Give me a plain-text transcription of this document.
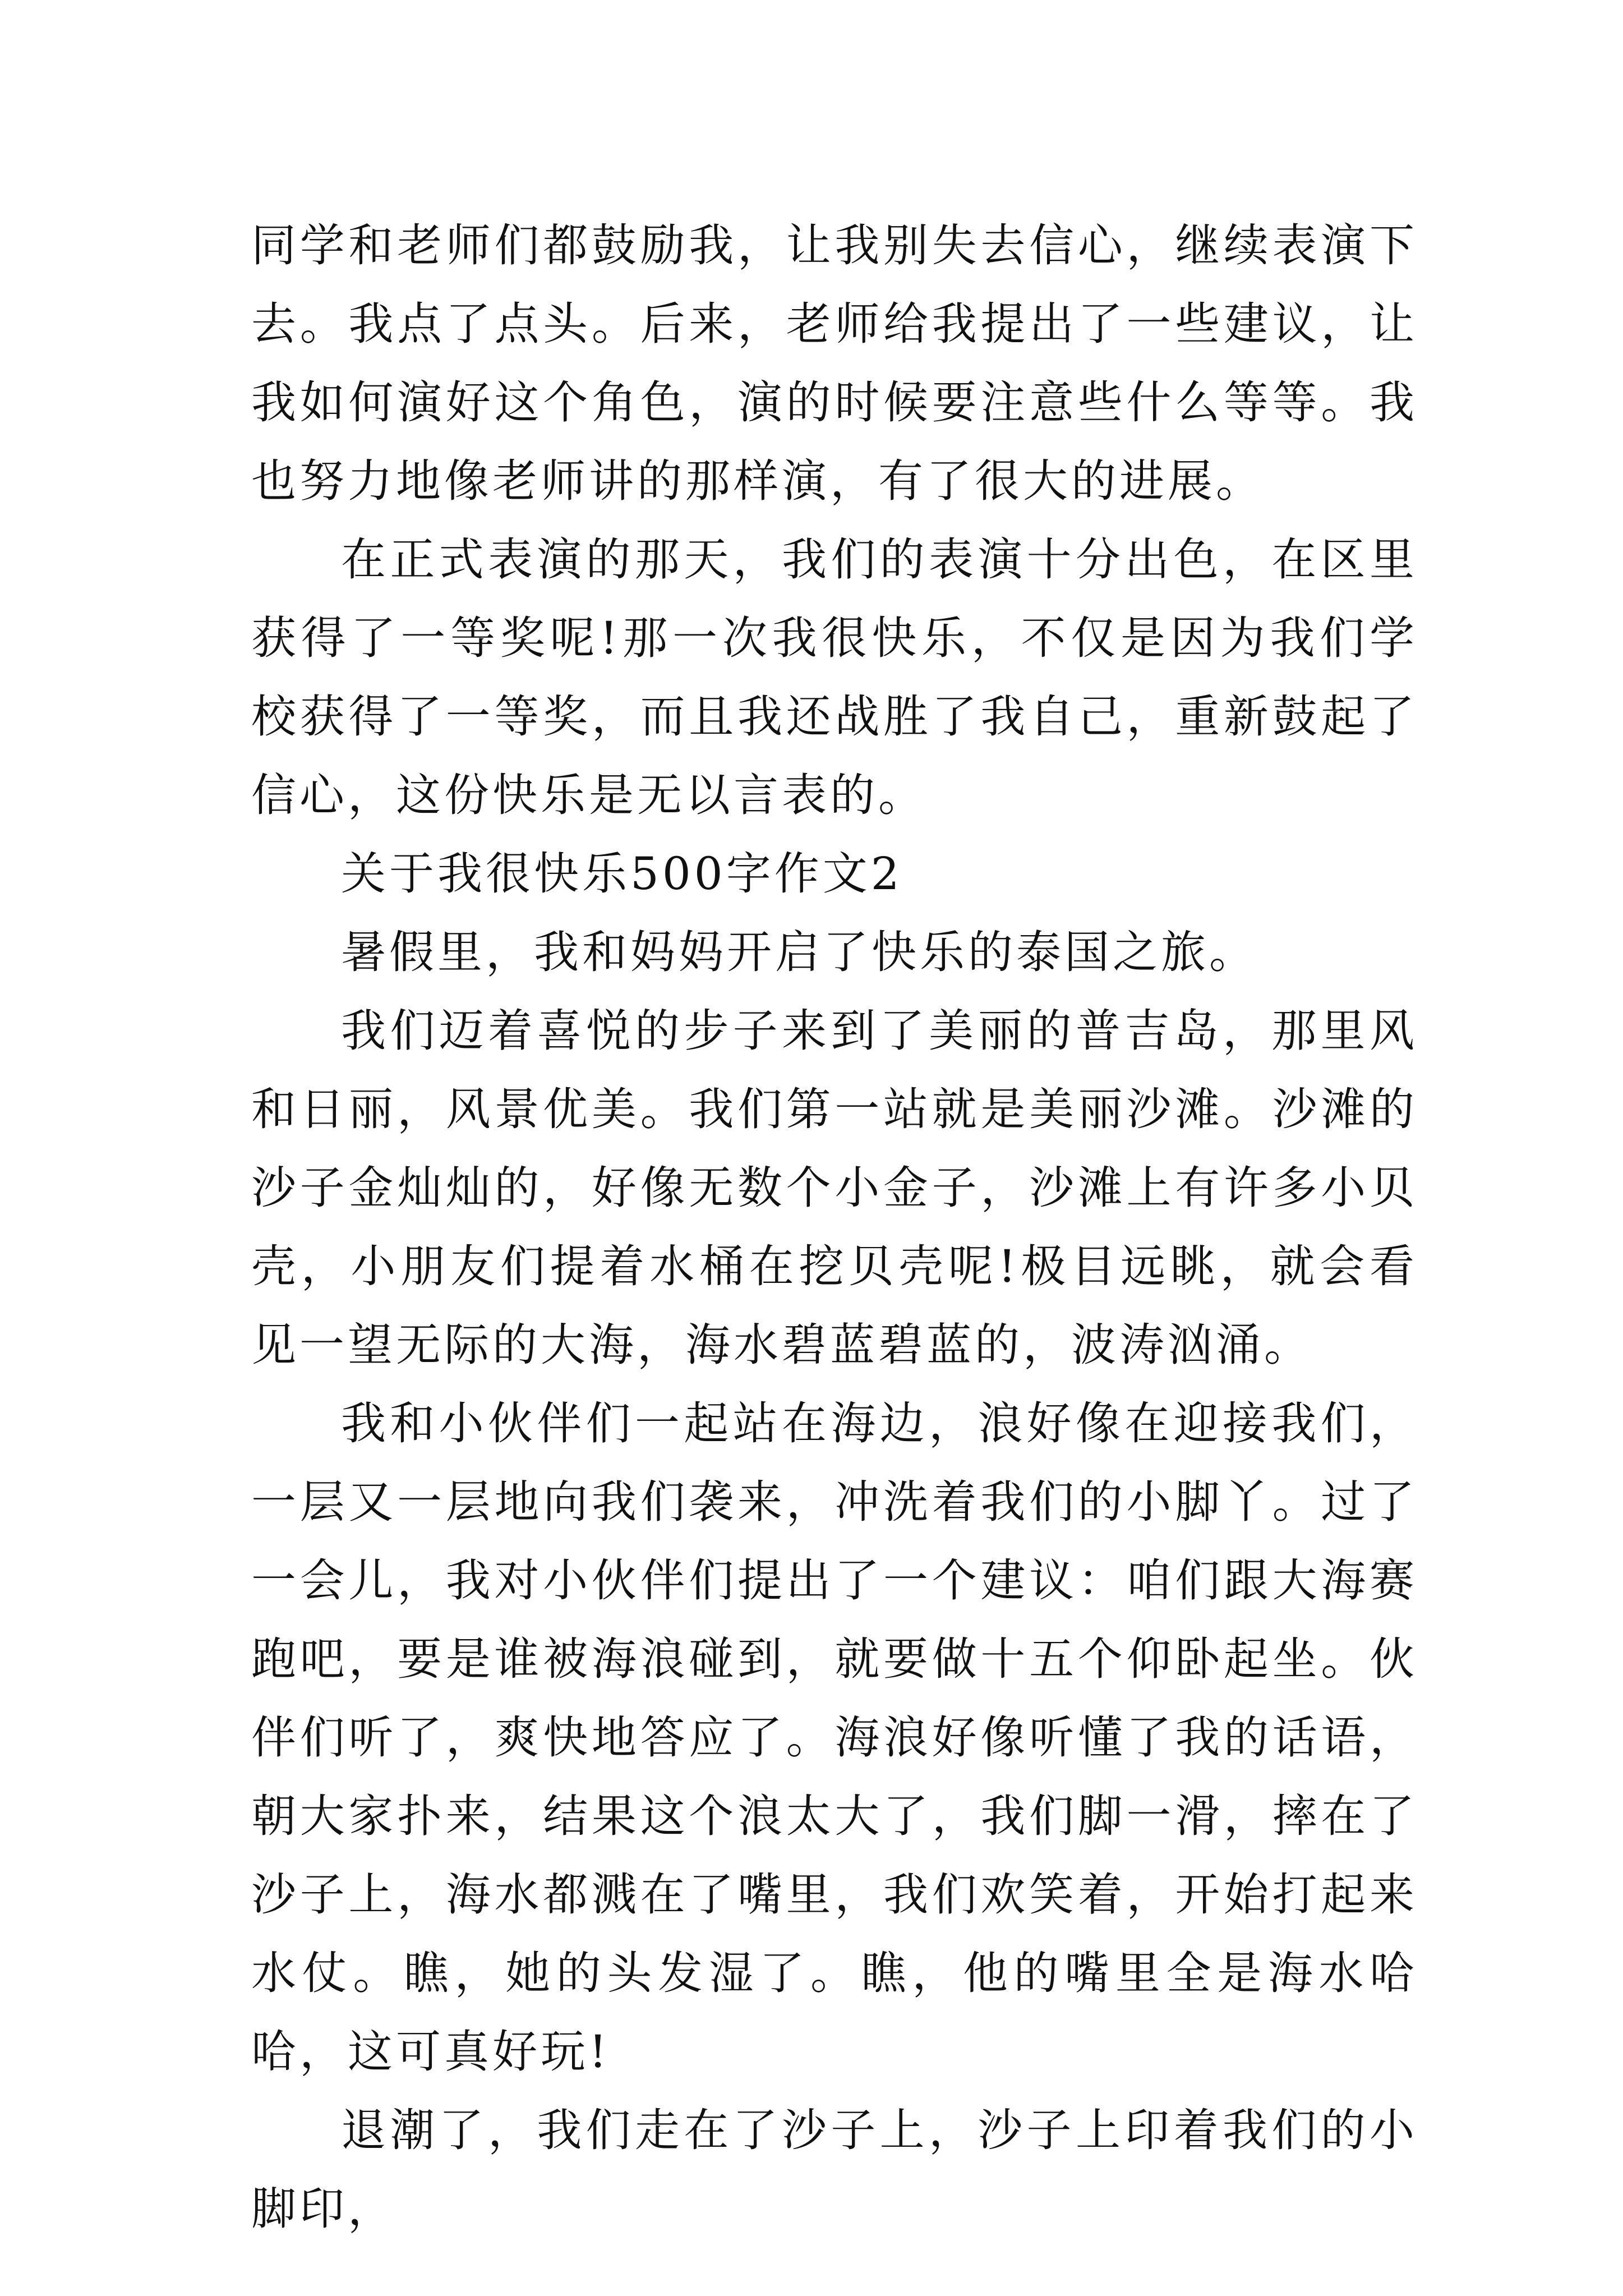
同学和老师们都鼓励我，让我别失去信心，继续表演下去。我点了点头。后来，老师给我提出了一些建议，让我如何演好这个角色，演的时候要注意些什么等等。我也努力地像老师讲的那样演，有了很大的进展。

在正式表演的那天，我们的表演十分出色，在区里获得了一等奖呢!那一次我很快乐，不仅是因为我们学校获得了一等奖，而且我还战胜了我自己，重新鼓起了信心，这份快乐是无以言表的。

关于我很快乐500字作文2

暑假里，我和妈妈开启了快乐的泰国之旅。

我们迈着喜悦的步子来到了美丽的普吉岛，那里风和日丽，风景优美。我们第一站就是美丽沙滩。沙滩的沙子金灿灿的，好像无数个小金子，沙滩上有许多小贝壳，小朋友们提着水桶在挖贝壳呢!极目远眺，就会看见一望无际的大海，海水碧蓝碧蓝的，波涛汹涌。

我和小伙伴们一起站在海边，浪好像在迎接我们，一层又一层地向我们袭来，冲洗着我们的小脚丫。过了一会儿，我对小伙伴们提出了一个建议：咱们跟大海赛跑吧，要是谁被海浪碰到，就要做十五个仰卧起坐。伙伴们听了，爽快地答应了。海浪好像听懂了我的话语，朝大家扑来，结果这个浪太大了，我们脚一滑，摔在了沙子上，海水都溅在了嘴里，我们欢笑着，开始打起来水仗。瞧，她的头发湿了。瞧，他的嘴里全是海水哈哈，这可真好玩!

退潮了，我们走在了沙子上，沙子上印着我们的小脚印，
